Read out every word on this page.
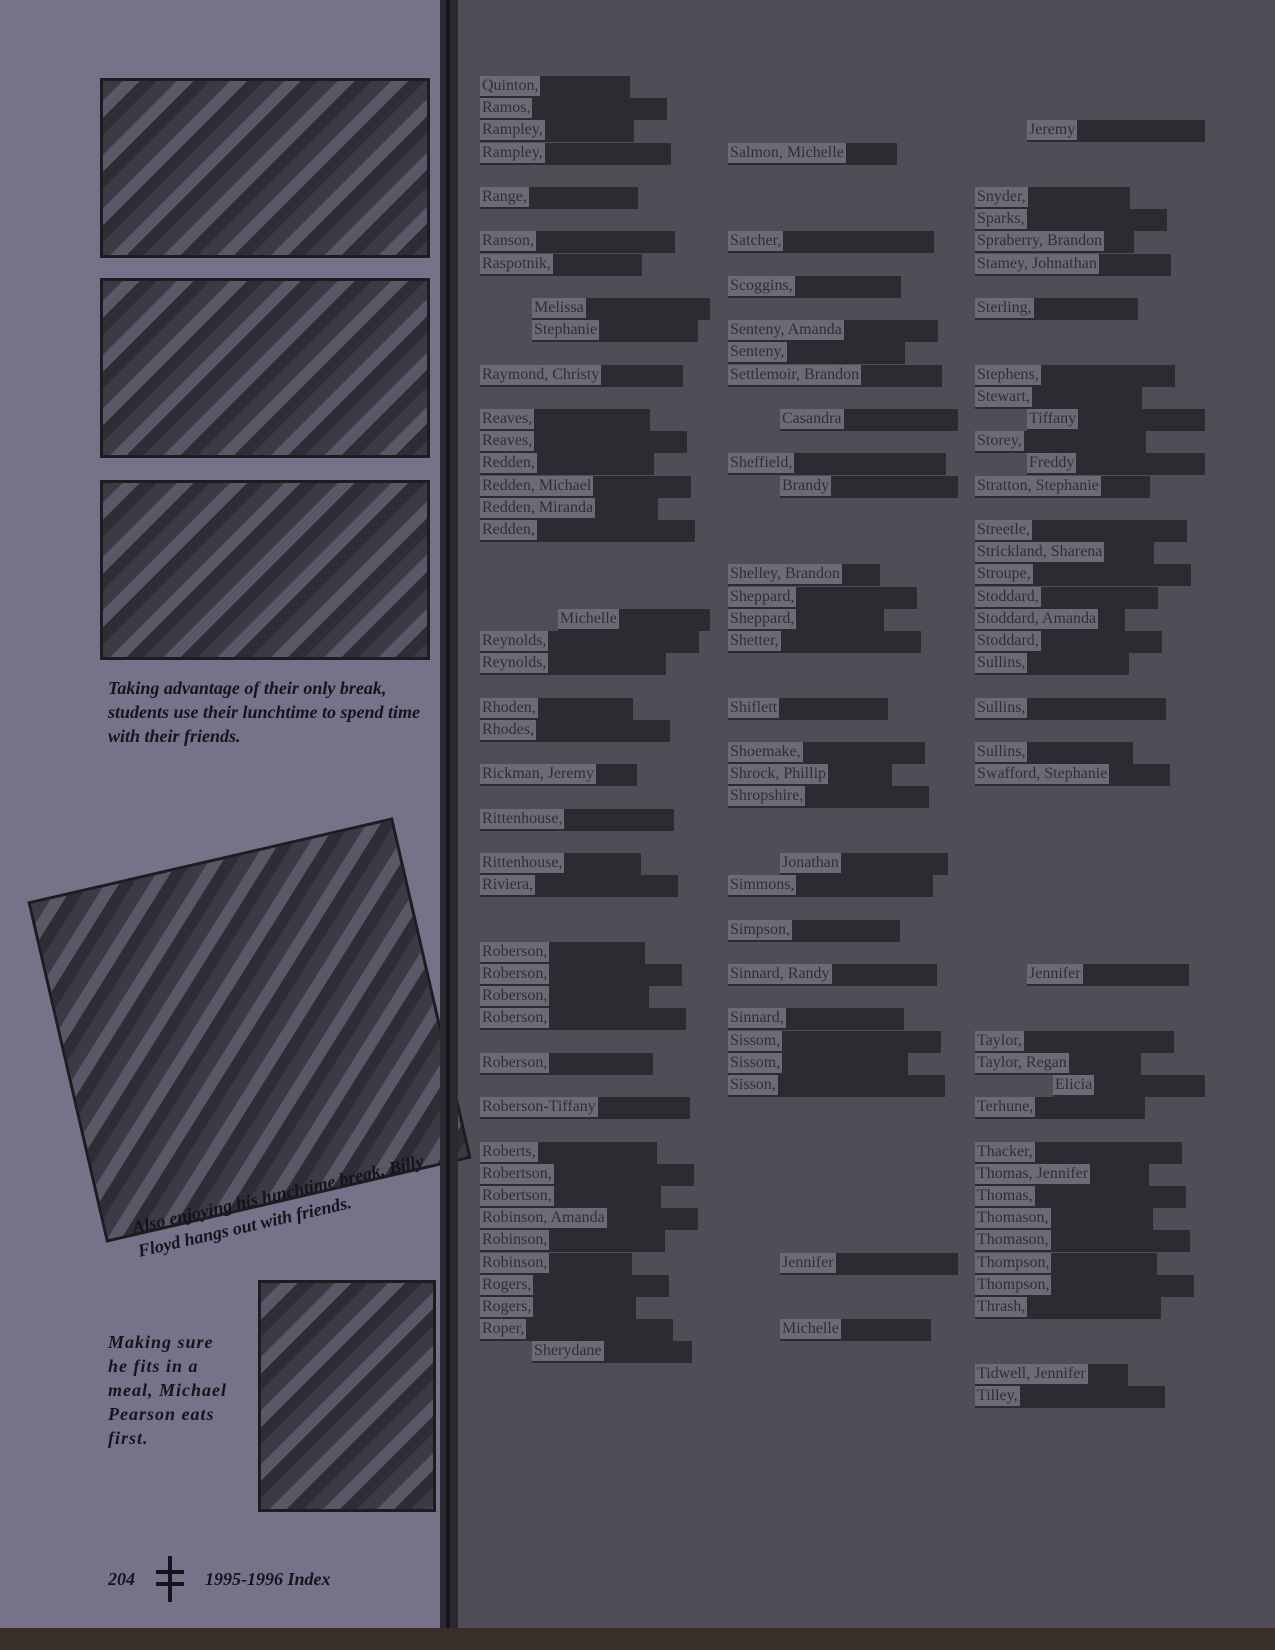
Taking advantage of their only break, students use their lunchtime to spend time with their friends.
Also enjoying his lunchtime break, Billy Floyd hangs out with friends.
Making sure he fits in a meal, Michael Pearson eats first.
204	1995-1996 Index
Quinton,
Ramos,
Rampley,
Rampley,
Range,
Ranson,
Raspotnik,
Melissa
Stephanie
Raymond, Christy
Reaves,
Reaves,
Redden,
Redden, Michael
Redden, Miranda
Redden,
Michelle
Reynolds,
Reynolds,
Rhoden,
Rhodes,
Rickman, Jeremy
Rittenhouse,
Rittenhouse,
Riviera,
Roberson,
Roberson,
Roberson,
Roberson,
Roberson,
Roberson-Tiffany
Roberts,
Robertson,
Robertson,
Robinson, Amanda
Robinson,
Robinson,
Rogers,
Rogers,
Roper,
Sherydane
Salmon, Michelle
Satcher,
Scoggins,
Senteny, Amanda
Senteny,
Settlemoir, Brandon
Casandra
Sheffield,
Brandy
Shelley, Brandon
Sheppard,
Sheppard,
Shetter,
Shiflett
Shoemake,
Shrock, Phillip
Shropshire,
Jonathan
Simmons,
Simpson,
Sinnard, Randy
Sinnard,
Sissom,
Sissom,
Sisson,
Jennifer
Michelle
Jeremy
Snyder,
Sparks,
Spraberry, Brandon
Stamey, Johnathan
Sterling,
Stephens,
Stewart,
Tiffany
Storey,
Freddy
Stratton, Stephanie
Streetle,
Strickland, Sharena
Stroupe,
Stoddard,
Stoddard, Amanda
Stoddard,
Sullins,
Sullins,
Sullins,
Swafford, Stephanie
Jennifer
Taylor,
Taylor, Regan
Elicia
Terhune,
Thacker,
Thomas, Jennifer
Thomas,
Thomason,
Thomason,
Thompson,
Thompson,
Thrash,
Tidwell, Jennifer
Tilley,
